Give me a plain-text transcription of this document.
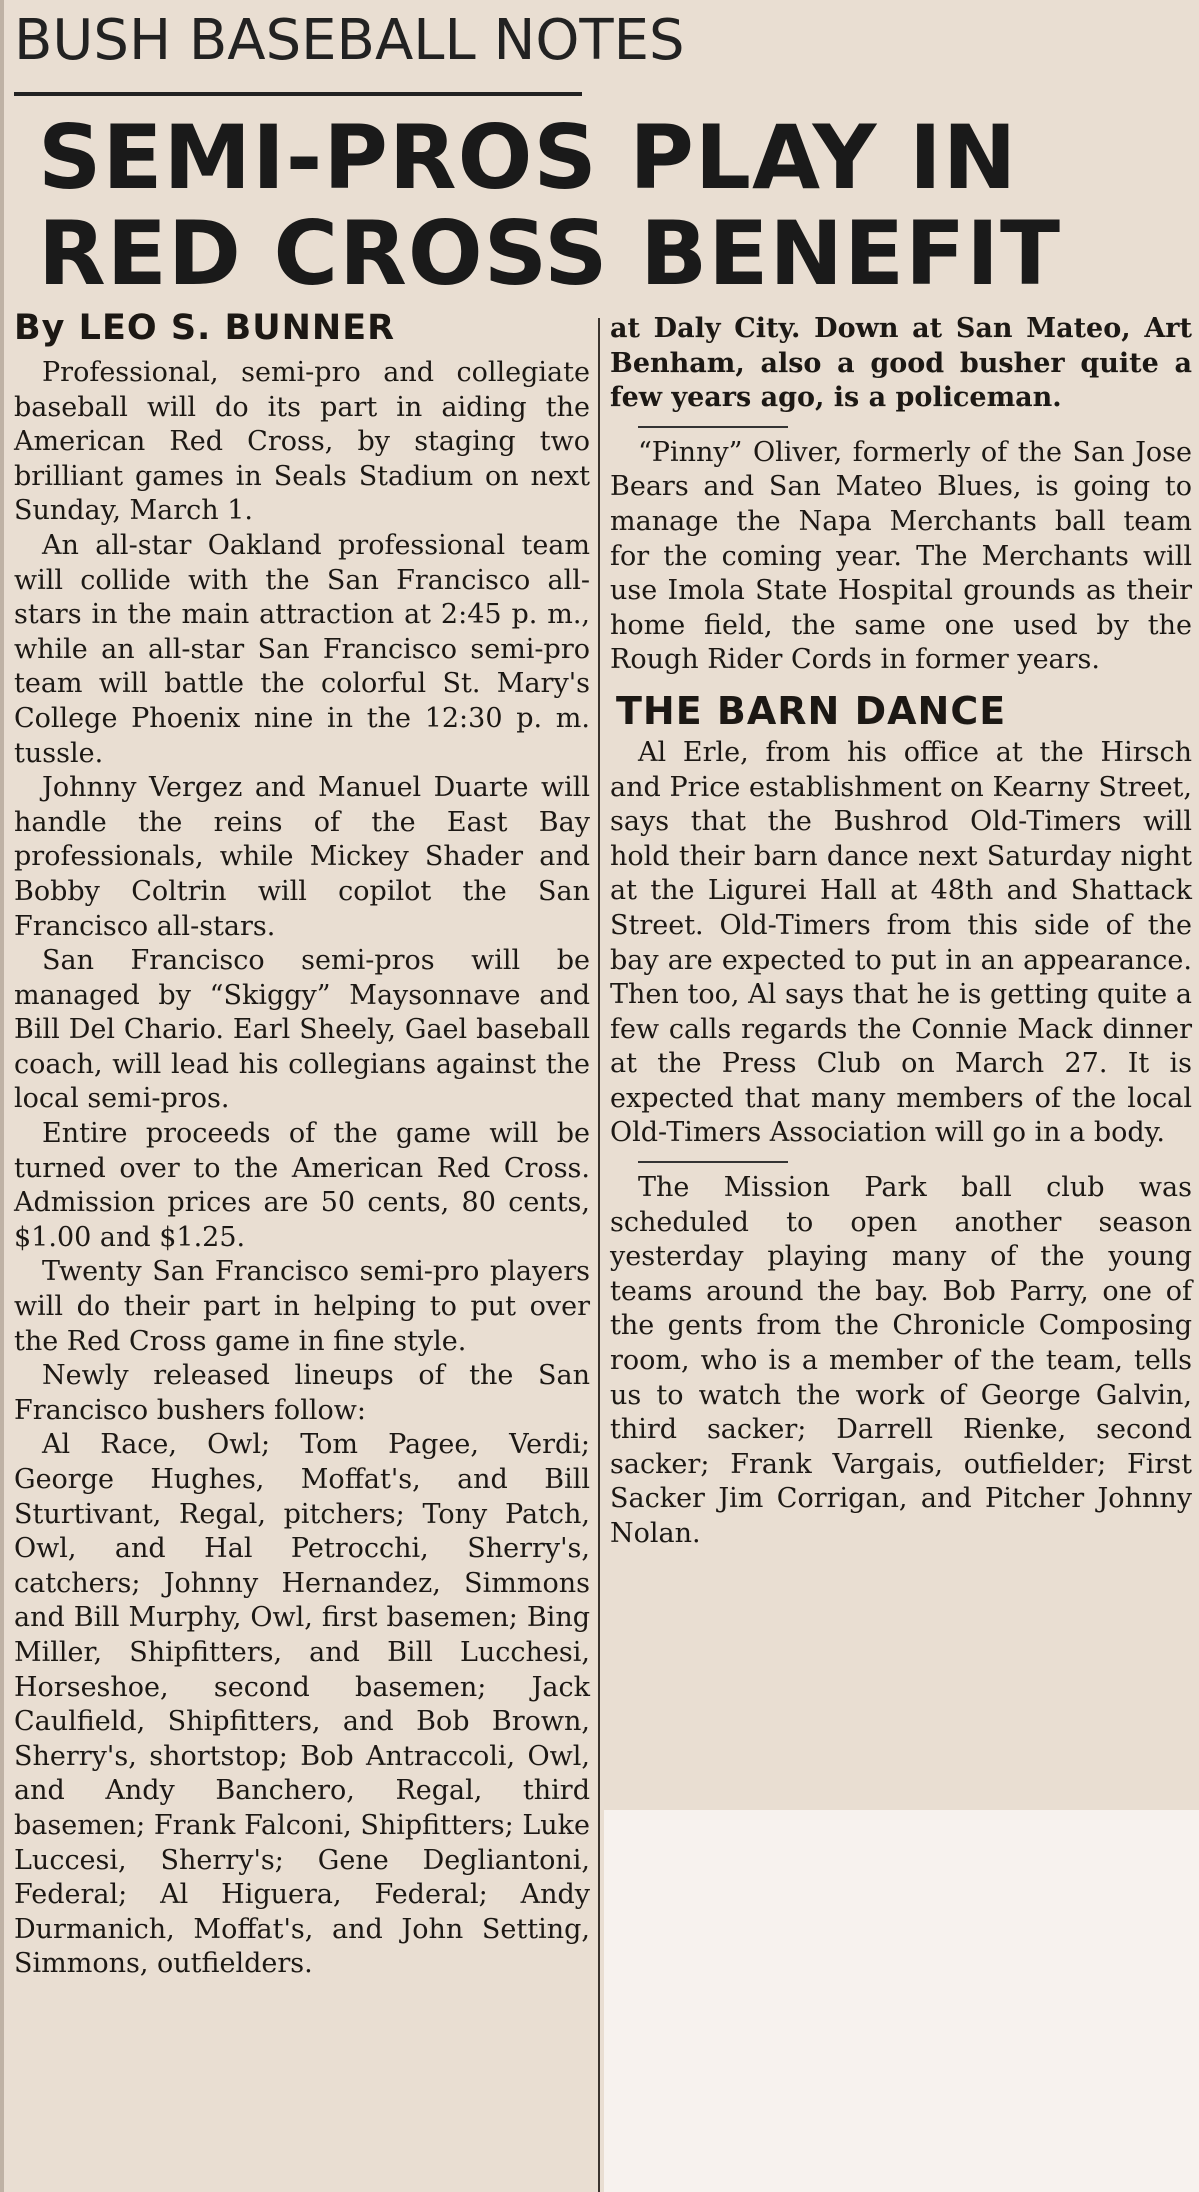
BUSH BASEBALL NOTES
SEMI-PROS PLAY IN
RED CROSS BENEFIT
By LEO S. BUNNER

Professional, semi-pro and collegiate baseball will do its part in aiding the American Red Cross, by staging two brilliant games in Seals Stadium on next Sunday, March 1.

An all-star Oakland professional team will collide with the San Francisco all-stars in the main attraction at 2:45 p. m., while an all-star San Francisco semi-pro team will battle the colorful St. Mary's College Phoenix nine in the 12:30 p. m. tussle.

Johnny Vergez and Manuel Duarte will handle the reins of the East Bay professionals, while Mickey Shader and Bobby Coltrin will copilot the San Francisco all-stars.

San Francisco semi-pros will be managed by “Skiggy” Maysonnave and Bill Del Chario. Earl Sheely, Gael baseball coach, will lead his collegians against the local semi-pros.

Entire proceeds of the game will be turned over to the American Red Cross. Admission prices are 50 cents, 80 cents, $1.00 and $1.25.

Twenty San Francisco semi-pro players will do their part in helping to put over the Red Cross game in fine style.

Newly released lineups of the San Francisco bushers follow:

Al Race, Owl; Tom Pagee, Verdi; George Hughes, Moffat's, and Bill Sturtivant, Regal, pitchers; Tony Patch, Owl, and Hal Petrocchi, Sherry's, catchers; Johnny Hernandez, Simmons and Bill Murphy, Owl, first basemen; Bing Miller, Shipfitters, and Bill Lucchesi, Horseshoe, second basemen; Jack Caulfield, Shipfitters, and Bob Brown, Sherry's, shortstop; Bob Antraccoli, Owl, and Andy Banchero, Regal, third basemen; Frank Falconi, Shipfitters; Luke Luccesi, Sherry's; Gene Degliantoni, Federal; Al Higuera, Federal; Andy Durmanich, Moffat's, and John Setting, Simmons, outfielders.

at Daly City. Down at San Mateo, Art Benham, also a good busher quite a few years ago, is a policeman.

“Pinny” Oliver, formerly of the San Jose Bears and San Mateo Blues, is going to manage the Napa Merchants ball team for the coming year. The Merchants will use Imola State Hospital grounds as their home field, the same one used by the Rough Rider Cords in former years.

THE BARN DANCE

Al Erle, from his office at the Hirsch and Price establishment on Kearny Street, says that the Bushrod Old-Timers will hold their barn dance next Saturday night at the Ligurei Hall at 48th and Shattack Street. Old-Timers from this side of the bay are expected to put in an appearance. Then too, Al says that he is getting quite a few calls regards the Connie Mack dinner at the Press Club on March 27. It is expected that many members of the local Old-Timers Association will go in a body.

The Mission Park ball club was scheduled to open another season yesterday playing many of the young teams around the bay. Bob Parry, one of the gents from the Chronicle Composing room, who is a member of the team, tells us to watch the work of George Galvin, third sacker; Darrell Rienke, second sacker; Frank Vargais, outfielder; First Sacker Jim Corrigan, and Pitcher Johnny Nolan.
